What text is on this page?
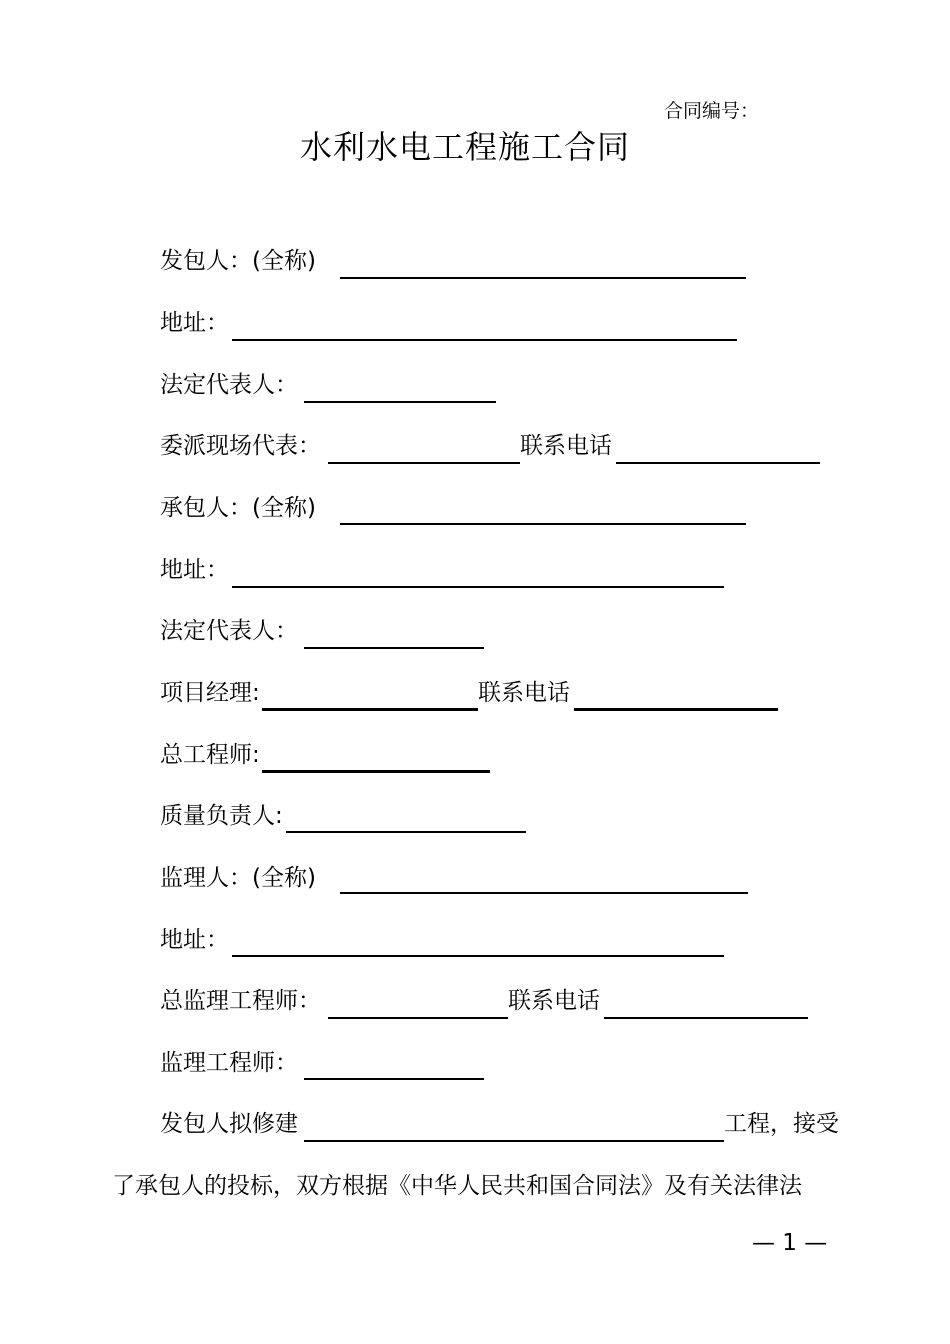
合同编号：
水利水电工程施工合同
发包人：(全称)
地址：
法定代表人：
委派现场代表：	联系电话
承包人：(全称)
地址：
法定代表人：
项目经理:	联系电话
总工程师:
质量负责人:
监理人：(全称)
地址：
总监理工程师：	联系电话
监理工程师：
发包人拟修建	工程，接受
了承包人的投标，双方根据《中华人民共和国合同法》及有关法律法
— 1 —
